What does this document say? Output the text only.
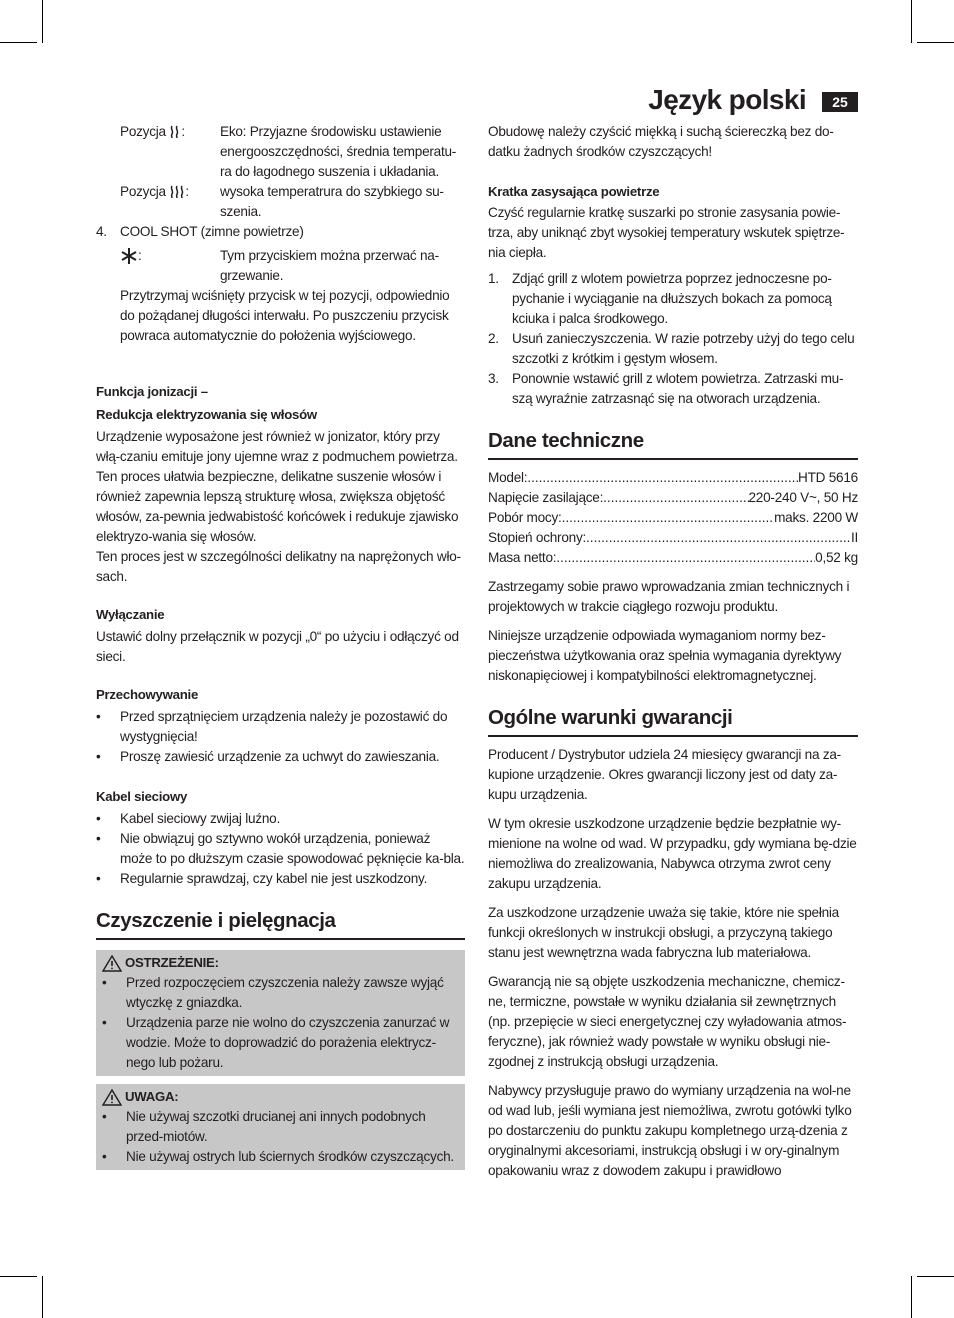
Język polski	25
Pozycja :	Eko: Przyjazne środowisku ustawienie

energooszczędności, średnia temperatu-

ra do łagodnego suszenia i układania.

Pozycja : wysoka temperatrura do szybkiego su-

szenia.

4. COOL SHOT (zimne powietrze)

:	Tym przyciskiem można przerwać na-

grzewanie.

Przytrzymaj wciśnięty przycisk w tej pozycji, odpowiednio do pożądanej długości interwału. Po puszczeniu przycisk powraca automatycznie do położenia wyjściowego.

Funkcja jonizacji –

Redukcja elektryzowania się włosów

Urządzenie wyposażone jest również w jonizator, który przy włą-czaniu emituje jony ujemne wraz z podmuchem powietrza. Ten proces ułatwia bezpieczne, delikatne suszenie włosów i również zapewnia lepszą strukturę włosa, zwiększa objętość włosów, za-pewnia jedwabistość końcówek i redukuje zjawisko elektryzo-wania się włosów.

Ten proces jest w szczególności delikatny na naprężonych wło-sach.

Wyłączanie

Ustawić dolny przełącznik w pozycji „0“ po użyciu i odłączyć od sieci.

Przechowywanie

• Przed sprzątnięciem urządzenia należy je pozostawić do wystygnięcia!
• Proszę zawiesić urządzenie za uchwyt do zawieszania.

Kabel sieciowy

• Kabel sieciowy zwijaj luźno.
• Nie obwiązuj go sztywno wokół urządzenia, ponieważ może to po dłuższym czasie spowodować pęknięcie ka-bla.
• Regularnie sprawdzaj, czy kabel nie jest uszkodzony.
Czyszczenie i pielęgnacja

OSTRZEŻENIE:

• Przed rozpoczęciem czyszczenia należy zawsze wyjąć wtyczkę z gniazdka.
• Urządzenia parze nie wolno do czyszczenia zanurzać w wodzie. Może to doprowadzić do porażenia elektrycz-nego lub pożaru.

UWAGA:

• Nie używaj szczotki drucianej ani innych podobnych przed-miotów.
• Nie używaj ostrych lub ściernych środków czyszczących.

Obudowę należy czyścić miękką i suchą ściereczką bez do-datku żadnych środków czyszczących!

Kratka zasysająca powietrze

Czyść regularnie kratkę suszarki po stronie zasysania powie-trza, aby uniknąć zbyt wysokiej temperatury wskutek spiętrze-nia ciepła.

1. Zdjąć grill z wlotem powietrza poprzez jednoczesne po-pychanie i wyciąganie na dłuższych bokach za pomocą kciuka i palca środkowego.
2. Usuń zanieczyszczenia. W razie potrzeby użyj do tego celu szczotki z krótkim i gęstym włosem.
3. Ponownie wstawić grill z wlotem powietrza. Zatrzaski mu-szą wyraźnie zatrzasnąć się na otworach urządzenia.
Dane techniczne
Model: .....	HTD 5616
Napięcie zasilające: .....	220-240 V~, 50 Hz
Pobór mocy: .....	maks. 2200 W
Stopień ochrony: .....	II
Masa netto: .....	0,52 kg

Zastrzegamy sobie prawo wprowadzania zmian technicznych i projektowych w trakcie ciągłego rozwoju produktu.

Niniejsze urządzenie odpowiada wymaganiom normy bez-pieczeństwa użytkowania oraz spełnia wymagania dyrektywy niskonapięciowej i kompatybilności elektromagnetycznej.

Ogólne warunki gwarancji

Producent / Dystrybutor udziela 24 miesięcy gwarancji na za-kupione urządzenie. Okres gwarancji liczony jest od daty za-kupu urządzenia.

W tym okresie uszkodzone urządzenie będzie bezpłatnie wy-mienione na wolne od wad. W przypadku, gdy wymiana bę-dzie niemożliwa do zrealizowania, Nabywca otrzyma zwrot ceny zakupu urządzenia.

Za uszkodzone urządzenie uważa się takie, które nie spełnia funkcji określonych w instrukcji obsługi, a przyczyną takiego stanu jest wewnętrzna wada fabryczna lub materiałowa.

Gwarancją nie są objęte uszkodzenia mechaniczne, chemicz-ne, termiczne, powstałe w wyniku działania sił zewnętrznych (np. przepięcie w sieci energetycznej czy wyładowania atmos-feryczne), jak również wady powstałe w wyniku obsługi nie-zgodnej z instrukcją obsługi urządzenia.

Nabywcy przysługuje prawo do wymiany urządzenia na wol-ne od wad lub, jeśli wymiana jest niemożliwa, zwrotu gotówki tylko po dostarczeniu do punktu zakupu kompletnego urzą-dzenia z oryginalnymi akcesoriami, instrukcją obsługi i w ory-ginalnym opakowaniu wraz z dowodem zakupu i prawidłowo
